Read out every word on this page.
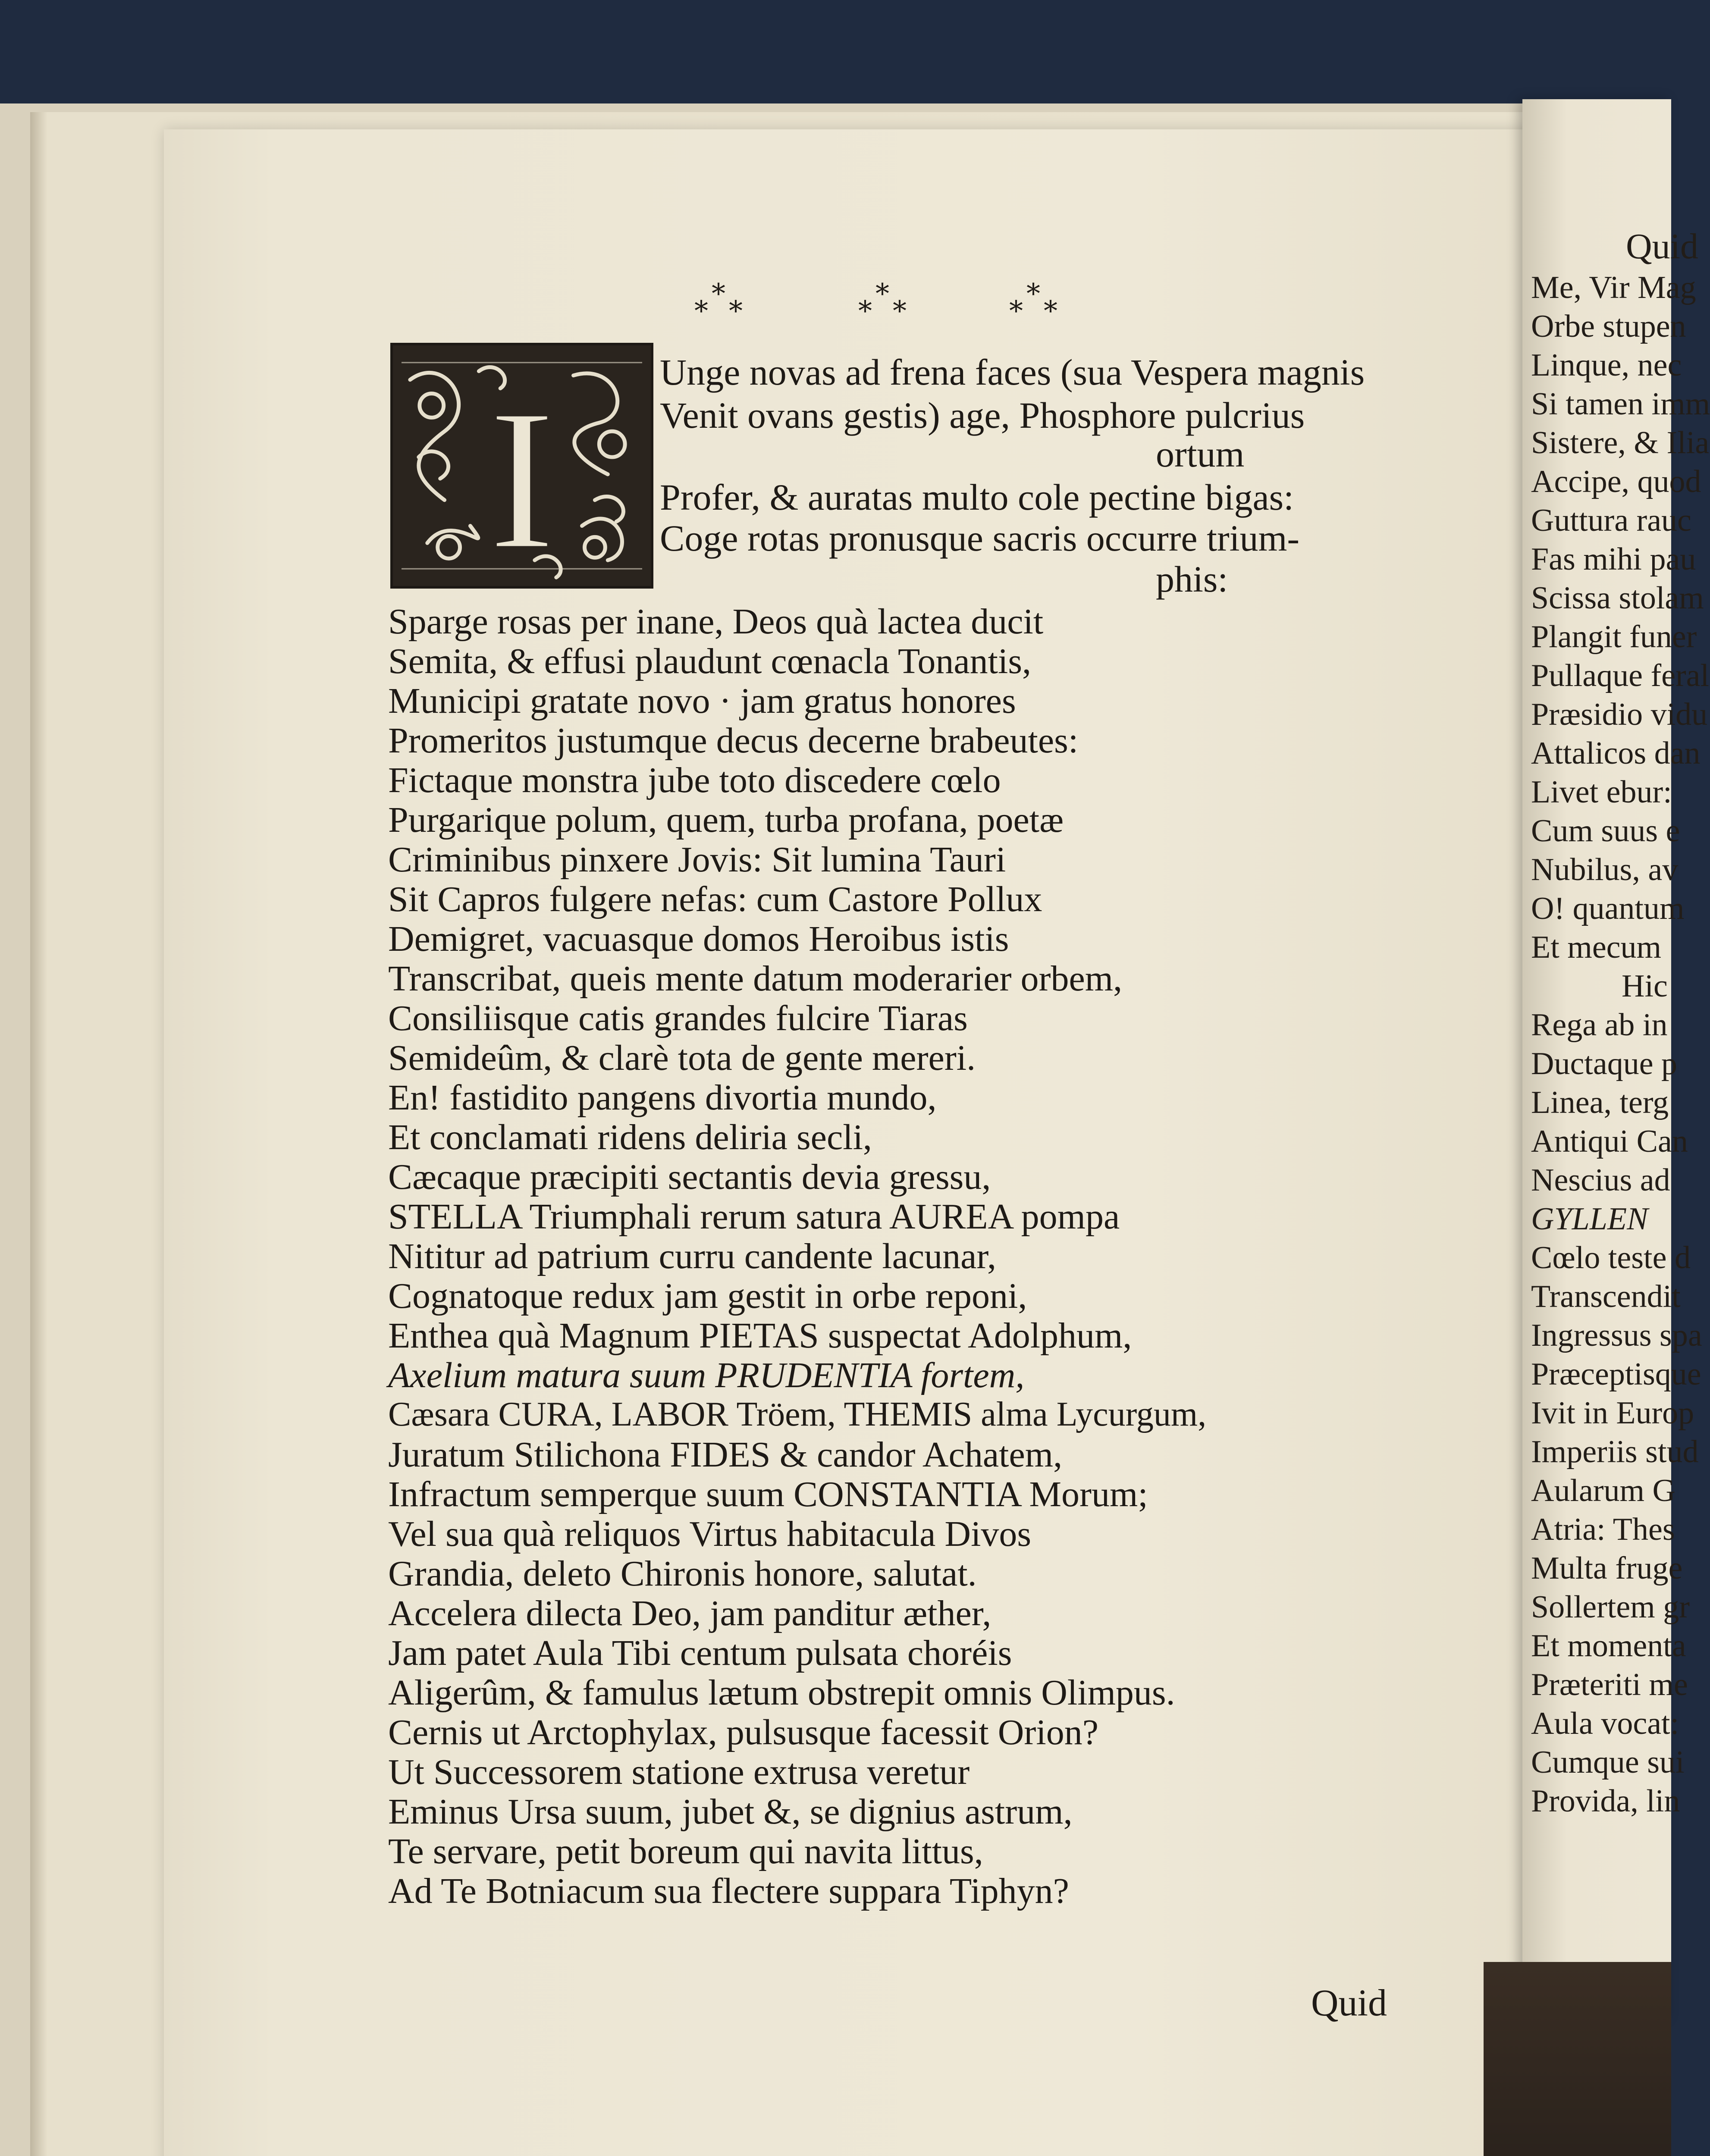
*
* *
*
* *
*
* *
I	Unge novas ad frena faces (sua Vespera magnis
Venit ovans gestis) age, Phosphore pulcrius
ortum
Profer, & auratas multo cole pectine bigas:
Coge rotas pronusque sacris occurre trium-
phis:
Sparge rosas per inane, Deos quà lactea ducit
Semita, & effusi plaudunt cœnacla Tonantis,
Municipi gratate novo · jam gratus honores
Promeritos justumque decus decerne brabeutes:
Fictaque monstra jube toto discedere cœlo
Purgarique polum, quem, turba profana, poetæ
Criminibus pinxere Jovis: Sit lumina Tauri
Sit Capros fulgere nefas: cum Castore Pollux
Demigret, vacuasque domos Heroibus istis
Transcribat, queis mente datum moderarier orbem,
Consiliisque catis grandes fulcire Tiaras
Semideûm, & clarè tota de gente mereri.
En! fastidito pangens divortia mundo,
Et conclamati ridens deliria secli,
Cæcaque præcipiti sectantis devia gressu,
STELLA Triumphali rerum satura AUREA pompa
Nititur ad patrium curru candente lacunar,
Cognatoque redux jam gestit in orbe reponi,
Enthea quà Magnum PIETAS suspectat Adolphum,
Axelium matura suum PRUDENTIA fortem,
Cæsara CURA, LABOR Tröem, THEMIS alma Lycurgum,
Juratum Stilichona FIDES & candor Achatem,
Infractum semperque suum CONSTANTIA Morum;
Vel sua quà reliquos Virtus habitacula Divos
Grandia, deleto Chironis honore, salutat.
Accelera dilecta Deo, jam panditur æther,
Jam patet Aula Tibi centum pulsata choréis
Aligerûm, & famulus lætum obstrepit omnis Olimpus.
Cernis ut Arctophylax, pulsusque facessit Orion?
Ut Successorem statione extrusa veretur
Eminus Ursa suum, jubet &, se dignius astrum,
Te servare, petit boreum qui navita littus,
Ad Te Botniacum sua flectere suppara Tiphyn?
Quid
Quid
Me, Vir Mag
Orbe stupen
Linque, nec
Si tamen imm
Sistere, & Ilia
Accipe, quod
Guttura rauc
Fas mihi pau
Scissa stolam
Plangit funer
Pullaque feral
Præsidio vidu
Attalicos dan
Livet ebur:
Cum suus e
Nubilus, av
O! quantum
Et mecum
Hic
Rega ab in
Ductaque p
Linea, terg
Antiqui Can
Nescius ad
GYLLEN
Cœlo teste d
Transcendit
Ingressus spa
Præceptisque
Ivit in Europ
Imperiis stud
Aularum G
Atria: Thes
Multa fruge
Sollertem gr
Et momenta
Præteriti me
Aula vocat:
Cumque sui
Provida, lin
